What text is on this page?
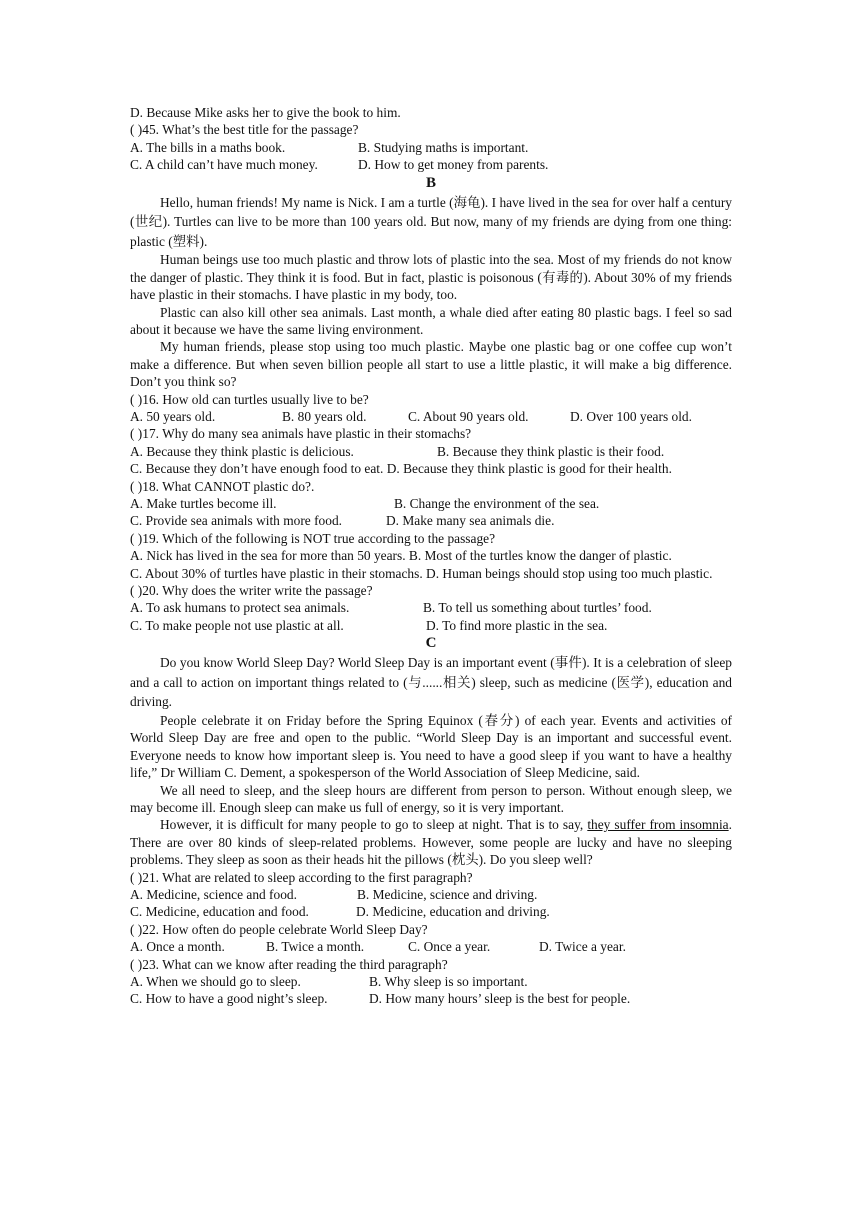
D. Because Mike asks her to give the book to him.
( )45. What’s the best title for the passage?
A. The bills in a maths book.	B. Studying maths is important.
C. A child can’t have much money.	D. How to get money from parents.
B
Hello, human friends! My name is Nick. I am a turtle (海龟). I have lived in the sea for over half a century (世纪). Turtles can live to be more than 100 years old. But now, many of my friends are dying from one thing: plastic (塑料).
Human beings use too much plastic and throw lots of plastic into the sea. Most of my friends do not know the danger of plastic. They think it is food. But in fact, plastic is poisonous (有毒的). About 30% of my friends have plastic in their stomachs. I have plastic in my body, too.
Plastic can also kill other sea animals. Last month, a whale died after eating 80 plastic bags. I feel so sad about it because we have the same living environment.
My human friends, please stop using too much plastic. Maybe one plastic bag or one coffee cup won’t make a difference. But when seven billion people all start to use a little plastic, it will make a big difference. Don’t you think so?
( )16. How old can turtles usually live to be?
A. 50 years old.	B. 80 years old.	C. About 90 years old.	D. Over 100 years old.
( )17. Why do many sea animals have plastic in their stomachs?
A. Because they think plastic is delicious.	B. Because they think plastic is their food.
C. Because they don’t have enough food to eat. D. Because they think plastic is good for their health.
( )18. What CANNOT plastic do?.
A. Make turtles become ill.	B. Change the environment of the sea.
C. Provide sea animals with more food.	D. Make many sea animals die.
( )19. Which of the following is NOT true according to the passage?
A. Nick has lived in the sea for more than 50 years. B. Most of the turtles know the danger of plastic.
C. About 30% of turtles have plastic in their stomachs. D. Human beings should stop using too much plastic.
( )20. Why does the writer write the passage?
A. To ask humans to protect sea animals.	B. To tell us something about turtles’ food.
C. To make people not use plastic at all.	D. To find more plastic in the sea.
C
Do you know World Sleep Day? World Sleep Day is an important event (事件). It is a celebration of sleep and a call to action on important things related to (与......相关) sleep, such as medicine (医学), education and driving.
People celebrate it on Friday before the Spring Equinox (春分) of each year. Events and activities of World Sleep Day are free and open to the public. “World Sleep Day is an important and successful event. Everyone needs to know how important sleep is. You need to have a good sleep if you want to have a healthy life,” Dr William C. Dement, a spokesperson of the World Association of Sleep Medicine, said.
We all need to sleep, and the sleep hours are different from person to person. Without enough sleep, we may become ill. Enough sleep can make us full of energy, so it is very important.
However, it is difficult for many people to go to sleep at night. That is to say, they suffer from insomnia. There are over 80 kinds of sleep-related problems. However, some people are lucky and have no sleeping problems. They sleep as soon as their heads hit the pillows (枕头). Do you sleep well?
( )21. What are related to sleep according to the first paragraph?
A. Medicine, science and food.	B. Medicine, science and driving.
C. Medicine, education and food.	D. Medicine, education and driving.
( )22. How often do people celebrate World Sleep Day?
A. Once a month.	B. Twice a month.	C. Once a year.	D. Twice a year.
( )23. What can we know after reading the third paragraph?
A. When we should go to sleep.	B. Why sleep is so important.
C. How to have a good night’s sleep.	D. How many hours’ sleep is the best for people.
